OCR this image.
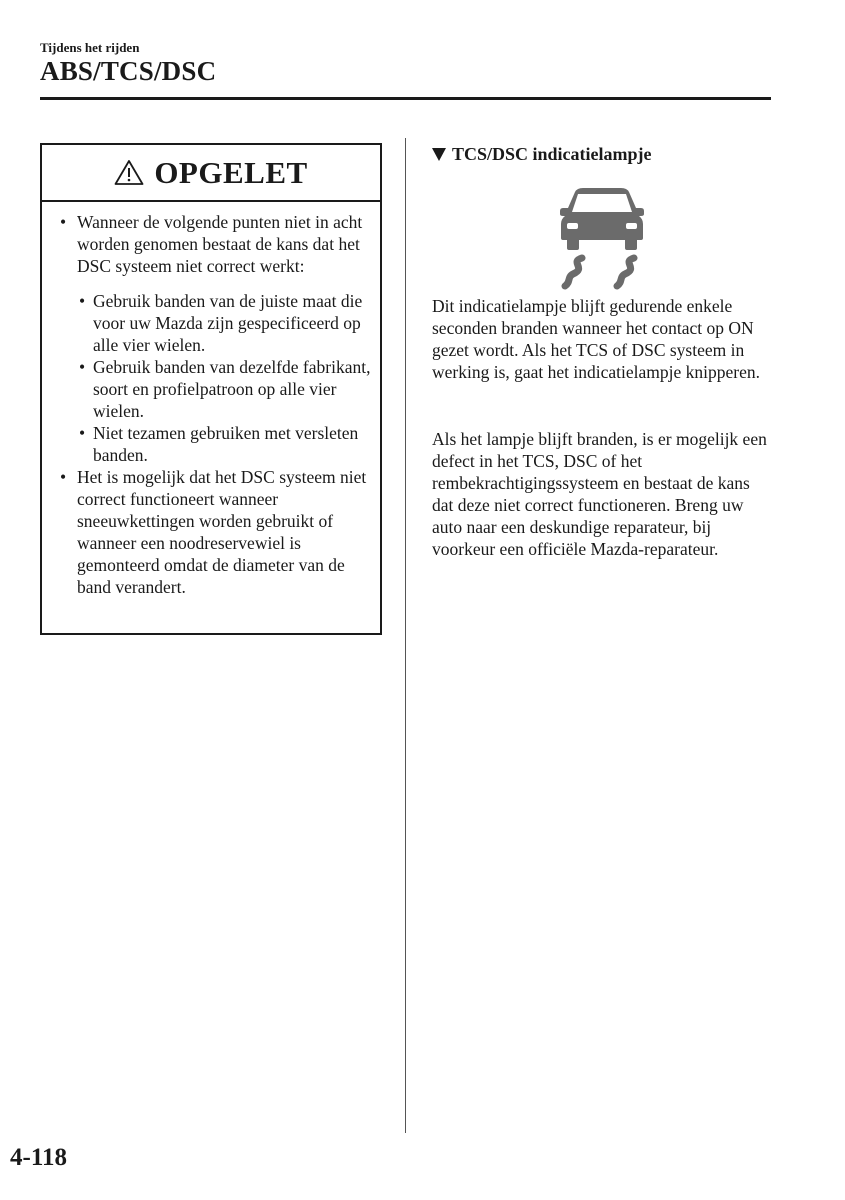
Tijdens het rijden
ABS/TCS/DSC
OPGELET
• Wanneer de volgende punten niet in acht worden genomen bestaat de kans dat het DSC systeem niet correct werkt:
• Gebruik banden van de juiste maat die voor uw Mazda zijn gespecificeerd op alle vier wielen.
• Gebruik banden van dezelfde fabrikant, soort en profielpatroon op alle vier wielen.
• Niet tezamen gebruiken met versleten banden.
• Het is mogelijk dat het DSC systeem niet correct functioneert wanneer sneeuwkettingen worden gebruikt of wanneer een noodreservewiel is gemonteerd omdat de diameter van de band verandert.
TCS/DSC indicatielampje

Dit indicatielampje blijft gedurende enkele seconden branden wanneer het contact op ON gezet wordt. Als het TCS of DSC systeem in werking is, gaat het indicatielampje knipperen.

Als het lampje blijft branden, is er mogelijk een defect in het TCS, DSC of het rembekrachtigingssysteem en bestaat de kans dat deze niet correct functioneren. Breng uw auto naar een deskundige reparateur, bij voorkeur een officiële Mazda-reparateur.

4-118
